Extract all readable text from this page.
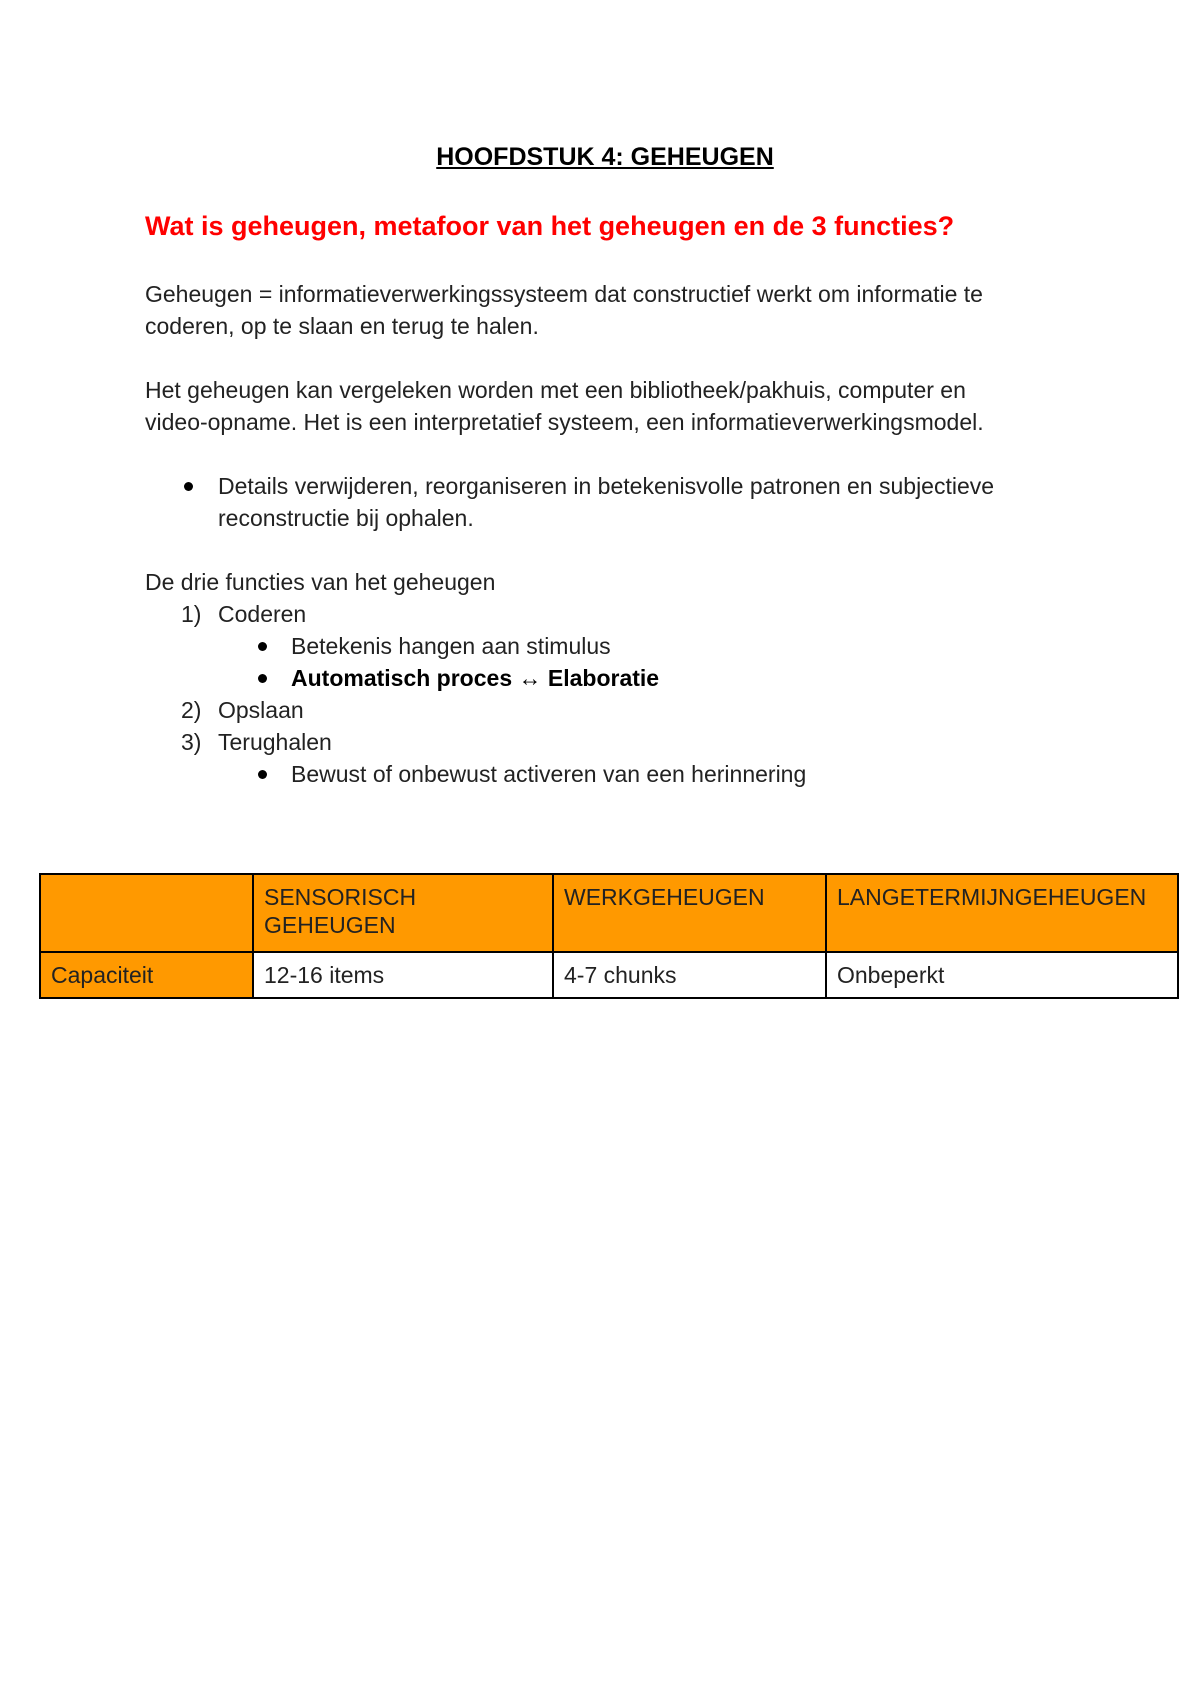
HOOFDSTUK 4: GEHEUGEN
Wat is geheugen, metafoor van het geheugen en de 3 functies?

Geheugen = informatieverwerkingssysteem dat constructief werkt om informatie te
coderen, op te slaan en terug te halen.

Het geheugen kan vergeleken worden met een bibliotheek/pakhuis, computer en
video-opname. Het is een interpretatief systeem, een informatieverwerkingsmodel.

Details verwijderen, reorganiseren in betekenisvolle patronen en subjectieve
reconstructie bij ophalen.

De drie functies van het geheugen

1) Coderen
Betekenis hangen aan stimulus
Automatisch proces ↔ Elaboratie
2) Opslaan
3) Terughalen
Bewust of onbewust activeren van een herinnering
	SENSORISCH GEHEUGEN	WERKGEHEUGEN	LANGETERMIJNGEHEUGEN
Capaciteit	12-16 items	4-7 chunks	Onbeperkt
